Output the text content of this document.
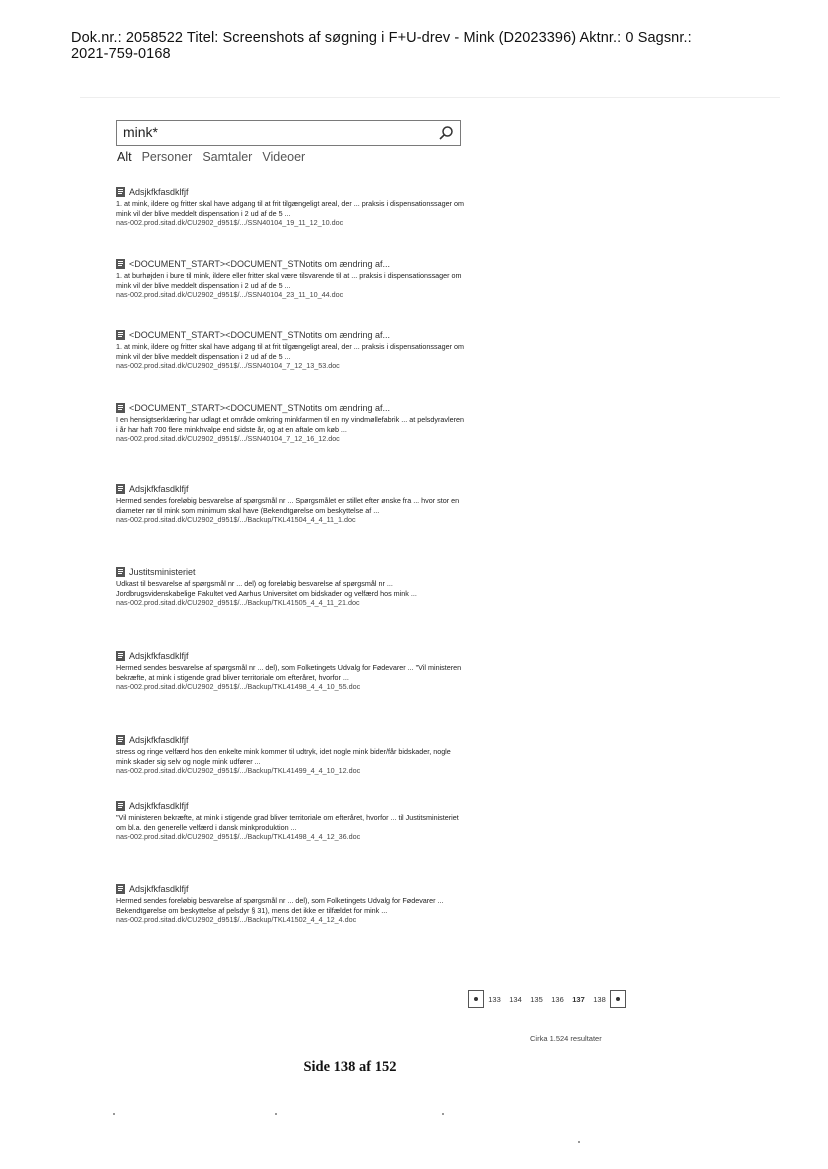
Dok.nr.: 2058522 Titel: Screenshots af søgning i F+U-drev - Mink (D2023396) Aktnr.: 0 Sagsnr.:
2021-759-0168
mink*
Alt Personer Samtaler Videoer
Adsjkfkfasdklfjf
1. at mink, ildere og fritter skal have adgang til at frit tilgængeligt areal, der ... praksis i dispensationssager om mink vil der blive meddelt dispensation i 2 ud af de 5 ...
nas-002.prod.sitad.dk/CU2902_d951$/.../SSN40104_19_11_12_10.doc
<DOCUMENT_START><DOCUMENT_STNotits om ændring af...
1. at burhøjden i bure til mink, ildere eller fritter skal være tilsvarende til at ... praksis i dispensationssager om mink vil der blive meddelt dispensation i 2 ud af de 5 ...
nas-002.prod.sitad.dk/CU2902_d951$/.../SSN40104_23_11_10_44.doc
<DOCUMENT_START><DOCUMENT_STNotits om ændring af...
1. at mink, ildere og fritter skal have adgang til at frit tilgængeligt areal, der ... praksis i dispensationssager om mink vil der blive meddelt dispensation i 2 ud af de 5 ...
nas-002.prod.sitad.dk/CU2902_d951$/.../SSN40104_7_12_13_53.doc
<DOCUMENT_START><DOCUMENT_STNotits om ændring af...
I en hensigtserklæring har udlagt et område omkring minkfarmen til en ny vindmøllefabrik ... at pelsdyravleren i år har haft 700 flere minkhvalpe end sidste år, og at en aftale om køb ...
nas-002.prod.sitad.dk/CU2902_d951$/.../SSN40104_7_12_16_12.doc
Adsjkfkfasdklfjf
Hermed sendes foreløbig besvarelse af spørgsmål nr ... Spørgsmålet er stillet efter ønske fra ... hvor stor en diameter rør til mink som minimum skal have (Bekendtgørelse om beskyttelse af ...
nas-002.prod.sitad.dk/CU2902_d951$/.../Backup/TKL41504_4_4_11_1.doc
Justitsministeriet
Udkast til besvarelse af spørgsmål nr ... del) og foreløbig besvarelse af spørgsmål nr ... Jordbrugsvidenskabelige Fakultet ved Aarhus Universitet om bidskader og velfærd hos mink ...
nas-002.prod.sitad.dk/CU2902_d951$/.../Backup/TKL41505_4_4_11_21.doc
Adsjkfkfasdklfjf
Hermed sendes besvarelse af spørgsmål nr ... del), som Folketingets Udvalg for Fødevarer ... "Vil ministeren bekræfte, at mink i stigende grad bliver territoriale om efteråret, hvorfor ...
nas-002.prod.sitad.dk/CU2902_d951$/.../Backup/TKL41498_4_4_10_55.doc
Adsjkfkfasdklfjf
stress og ringe velfærd hos den enkelte mink kommer til udtryk, idet nogle mink bider/får bidskader, nogle mink skader sig selv og nogle mink udfører ...
nas-002.prod.sitad.dk/CU2902_d951$/.../Backup/TKL41499_4_4_10_12.doc
Adsjkfkfasdklfjf
"Vil ministeren bekræfte, at mink i stigende grad bliver territoriale om efteråret, hvorfor ... til Justitsministeriet om bl.a. den generelle velfærd i dansk minkproduktion ...
nas-002.prod.sitad.dk/CU2902_d951$/.../Backup/TKL41498_4_4_12_36.doc
Adsjkfkfasdklfjf
Hermed sendes foreløbig besvarelse af spørgsmål nr ... del), som Folketingets Udvalg for Fødevarer ... Bekendtgørelse om beskyttelse af pelsdyr § 31), mens det ikke er tilfældet for mink ...
nas-002.prod.sitad.dk/CU2902_d951$/.../Backup/TKL41502_4_4_12_4.doc
133	134	135	136	137	138
Cirka 1.524 resultater
Side 138 af 152
